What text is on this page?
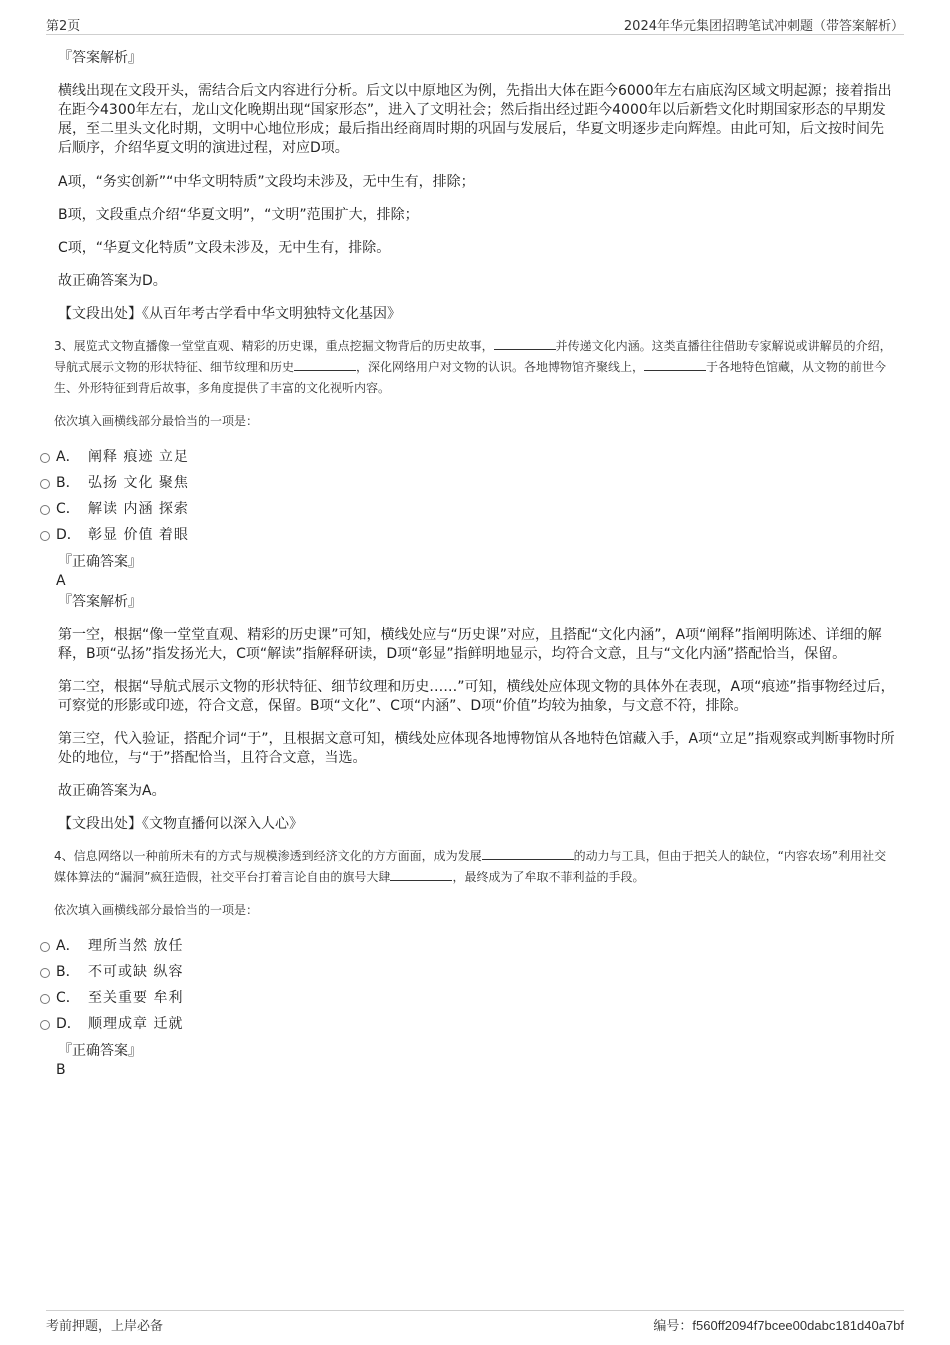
第2页	2024年华元集团招聘笔试冲刺题（带答案解析）

『答案解析』

横线出现在文段开头，需结合后文内容进行分析。后文以中原地区为例，先指出大体在距今6000年左右庙底沟区域文明起源；接着指出在距今4300年左右，龙山文化晚期出现“国家形态”，进入了文明社会；然后指出经过距今4000年以后新砦文化时期国家形态的早期发展，至二里头文化时期，文明中心地位形成；最后指出经商周时期的巩固与发展后，华夏文明逐步走向辉煌。由此可知，后文按时间先后顺序，介绍华夏文明的演进过程，对应D项。

A项，“务实创新”“中华文明特质”文段均未涉及，无中生有，排除；

B项，文段重点介绍“华夏文明”，“文明”范围扩大，排除；

C项，“华夏文化特质”文段未涉及，无中生有，排除。

故正确答案为D。

【文段出处】《从百年考古学看中华文明独特文化基因》

3、展览式文物直播像一堂堂直观、精彩的历史课，重点挖掘文物背后的历史故事，	并传递文化内涵。这类直播往往借助专家解说或讲解员的介绍，导航式展示文物的形状特征、细节纹理和历史	，深化网络用户对文物的认识。各地博物馆齐聚线上，	于各地特色馆藏，从文物的前世今生、外形特征到背后故事，多角度提供了丰富的文化视听内容。

依次填入画横线部分最恰当的一项是：

A． 阐释 痕迹 立足
B． 弘扬 文化 聚焦
C． 解读 内涵 探索
D． 彰显 价值 着眼

『正确答案』

A

『答案解析』

第一空，根据“像一堂堂直观、精彩的历史课”可知，横线处应与“历史课”对应，且搭配“文化内涵”，A项“阐释”指阐明陈述、详细的解释，B项“弘扬”指发扬光大，C项“解读”指解释研读，D项“彰显”指鲜明地显示，均符合文意，且与“文化内涵”搭配恰当，保留。

第二空，根据“导航式展示文物的形状特征、细节纹理和历史……”可知，横线处应体现文物的具体外在表现，A项“痕迹”指事物经过后，可察觉的形影或印迹，符合文意，保留。B项“文化”、C项“内涵”、D项“价值”均较为抽象，与文意不符，排除。

第三空，代入验证，搭配介词“于”，且根据文意可知，横线处应体现各地博物馆从各地特色馆藏入手，A项“立足”指观察或判断事物时所处的地位，与“于”搭配恰当，且符合文意，当选。

故正确答案为A。

【文段出处】《文物直播何以深入人心》

4、信息网络以一种前所未有的方式与规模渗透到经济文化的方方面面，成为发展	的动力与工具，但由于把关人的缺位，“内容农场”利用社交媒体算法的“漏洞”疯狂造假，社交平台打着言论自由的旗号大肆	，最终成为了牟取不菲利益的手段。

依次填入画横线部分最恰当的一项是：

A． 理所当然 放任
B． 不可或缺 纵容
C． 至关重要 牟利
D． 顺理成章 迁就

『正确答案』

B

考前押题，上岸必备	编号：f560ff2094f7bcee00dabc181d40a7bf
